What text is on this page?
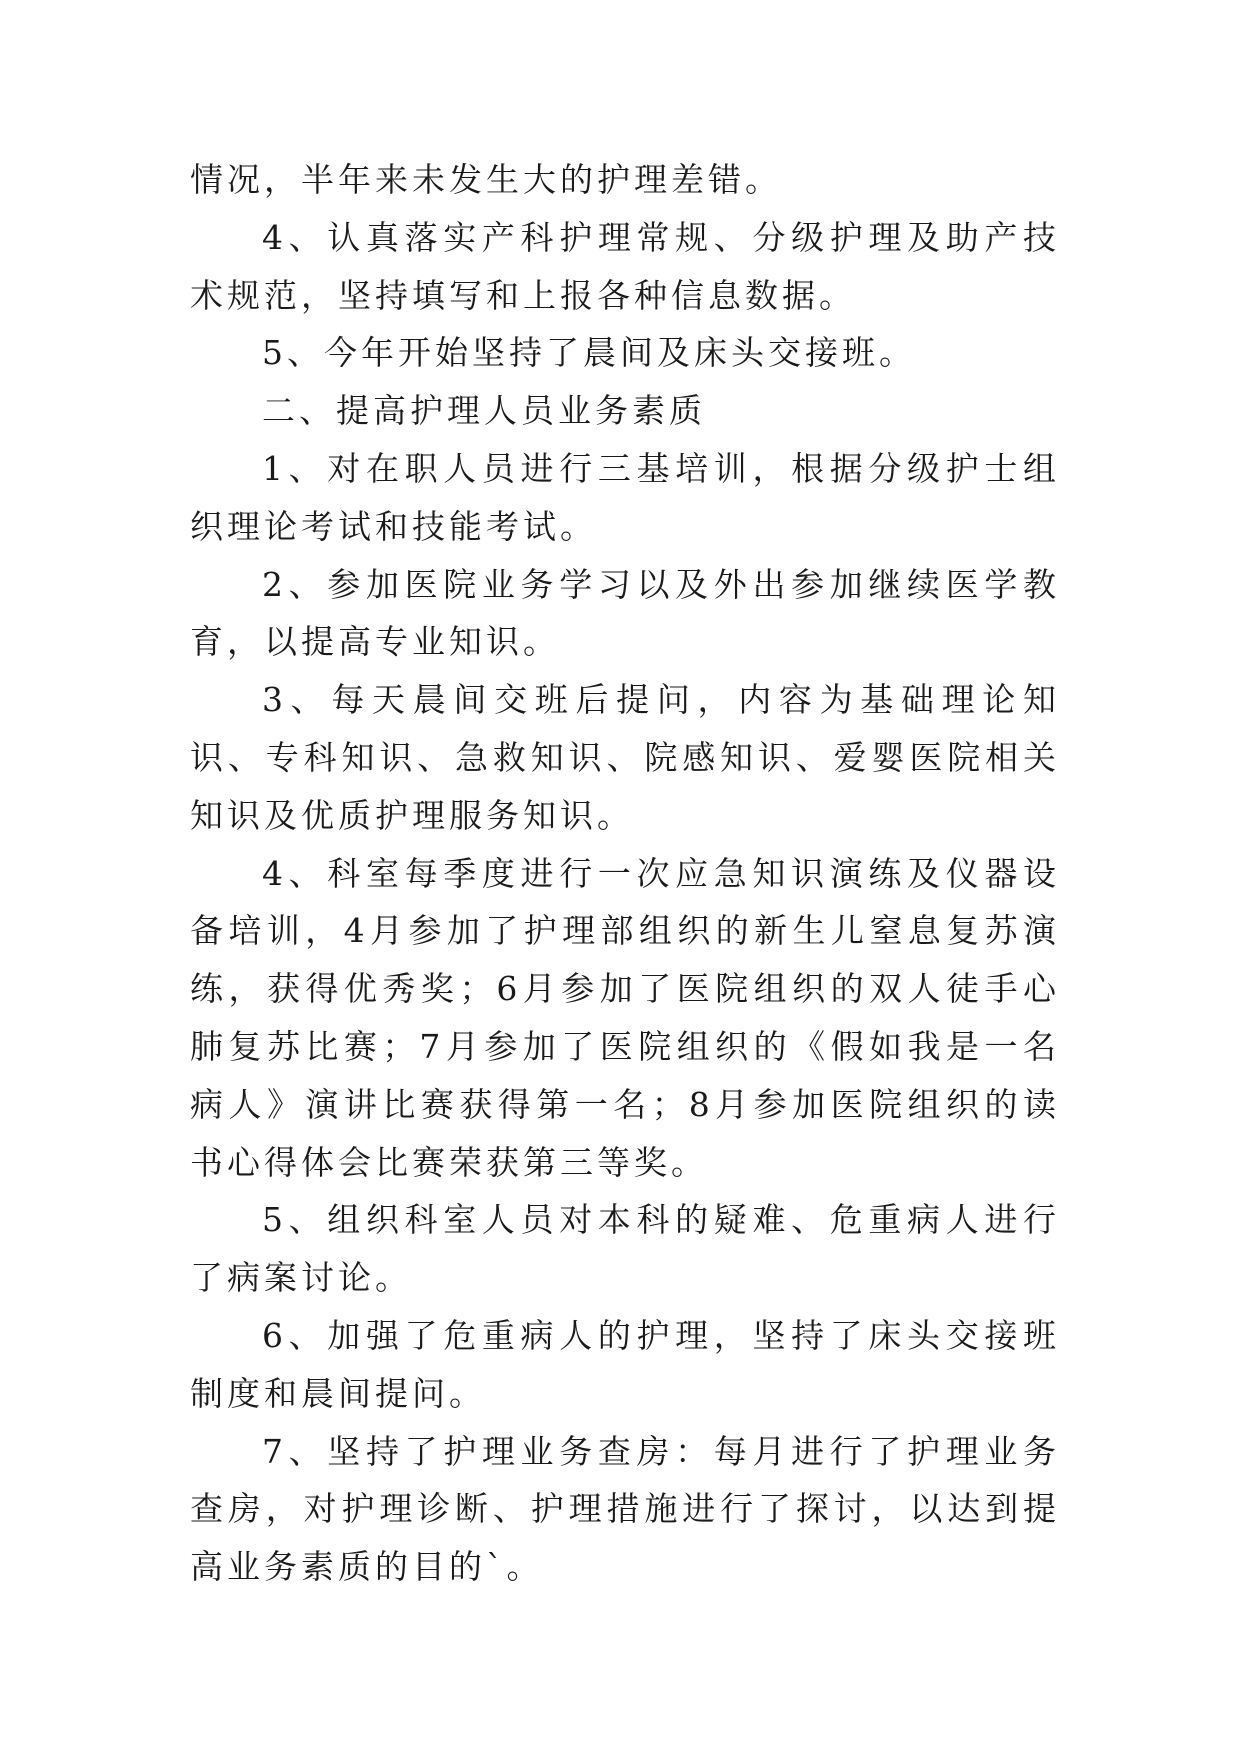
情况，半年来未发生大的护理差错。

4、认真落实产科护理常规、分级护理及助产技术规范，坚持填写和上报各种信息数据。

5、今年开始坚持了晨间及床头交接班。

二、提高护理人员业务素质

1、对在职人员进行三基培训，根据分级护士组织理论考试和技能考试。

2、参加医院业务学习以及外出参加继续医学教育，以提高专业知识。

3、每天晨间交班后提问，内容为基础理论知识、专科知识、急救知识、院感知识、爱婴医院相关知识及优质护理服务知识。

4、科室每季度进行一次应急知识演练及仪器设备培训，4月参加了护理部组织的新生儿窒息复苏演练，获得优秀奖；6月参加了医院组织的双人徒手心肺复苏比赛；7月参加了医院组织的《假如我是一名病人》演讲比赛获得第一名；8月参加医院组织的读书心得体会比赛荣获第三等奖。

5、组织科室人员对本科的疑难、危重病人进行了病案讨论。

6、加强了危重病人的护理，坚持了床头交接班制度和晨间提问。

7、坚持了护理业务查房：每月进行了护理业务查房，对护理诊断、护理措施进行了探讨，以达到提高业务素质的目的`。
